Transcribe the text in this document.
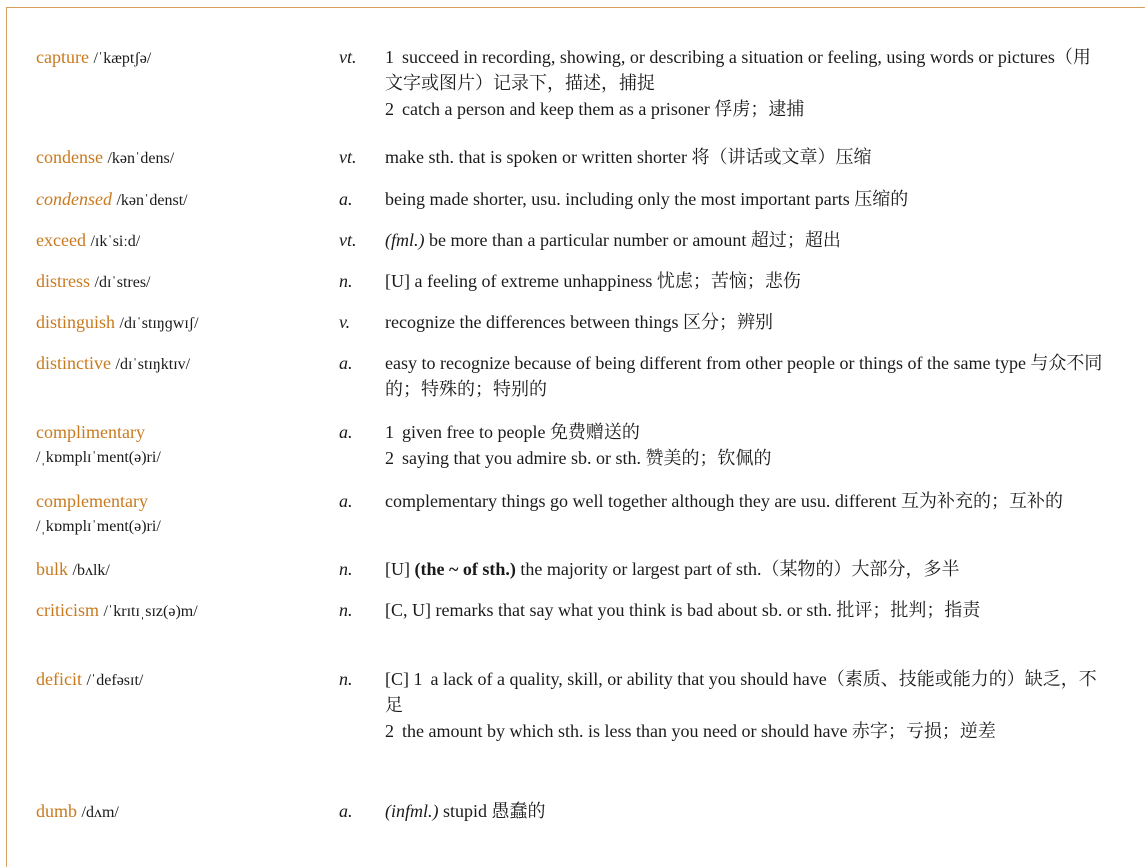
capture /ˈkæptʃə/	vt.	1 succeed in recording, showing, or describing a situation or feeling, using words or pictures（用文字或图片）记录下，描述，捕捉

2 catch a person and keep them as a prisoner 俘虏；逮捕

condense /kənˈdens/	vt.	make sth. that is spoken or written shorter 将（讲话或文章）压缩

condensed /kənˈdenst/	a.	being made shorter, usu. including only the most important parts 压缩的

exceed /ɪkˈsiːd/	vt.	(fml.) be more than a particular number or amount 超过；超出

distress /dɪˈstres/	n.	[U] a feeling of extreme unhappiness 忧虑；苦恼；悲伤

distinguish /dɪˈstɪŋɡwɪʃ/	v.	recognize the differences between things 区分；辨别

distinctive /dɪˈstɪŋktɪv/	a.	easy to recognize because of being different from other people or things of the same type 与众不同的；特殊的；特别的

complimentary
/ˌkɒmplɪˈment(ə)ri/
a.	1 given free to people 免费赠送的

2 saying that you admire sb. or sth. 赞美的；钦佩的

complementary
/ˌkɒmplɪˈment(ə)ri/
a.	complementary things go well together although they are usu. different 互为补充的；互补的

bulk /bʌlk/	n.	[U] (the ~ of sth.) the majority or largest part of sth.（某物的）大部分，多半

criticism /ˈkrɪtɪˌsɪz(ə)m/	n.	[C, U] remarks that say what you think is bad about sb. or sth. 批评；批判；指责

deficit /ˈdefəsɪt/	n.	[C] 1 a lack of a quality, skill, or ability that you should have（素质、技能或能力的）缺乏，不足

2 the amount by which sth. is less than you need or should have 赤字；亏损；逆差

dumb /dʌm/	a.	(infml.) stupid 愚蠢的
